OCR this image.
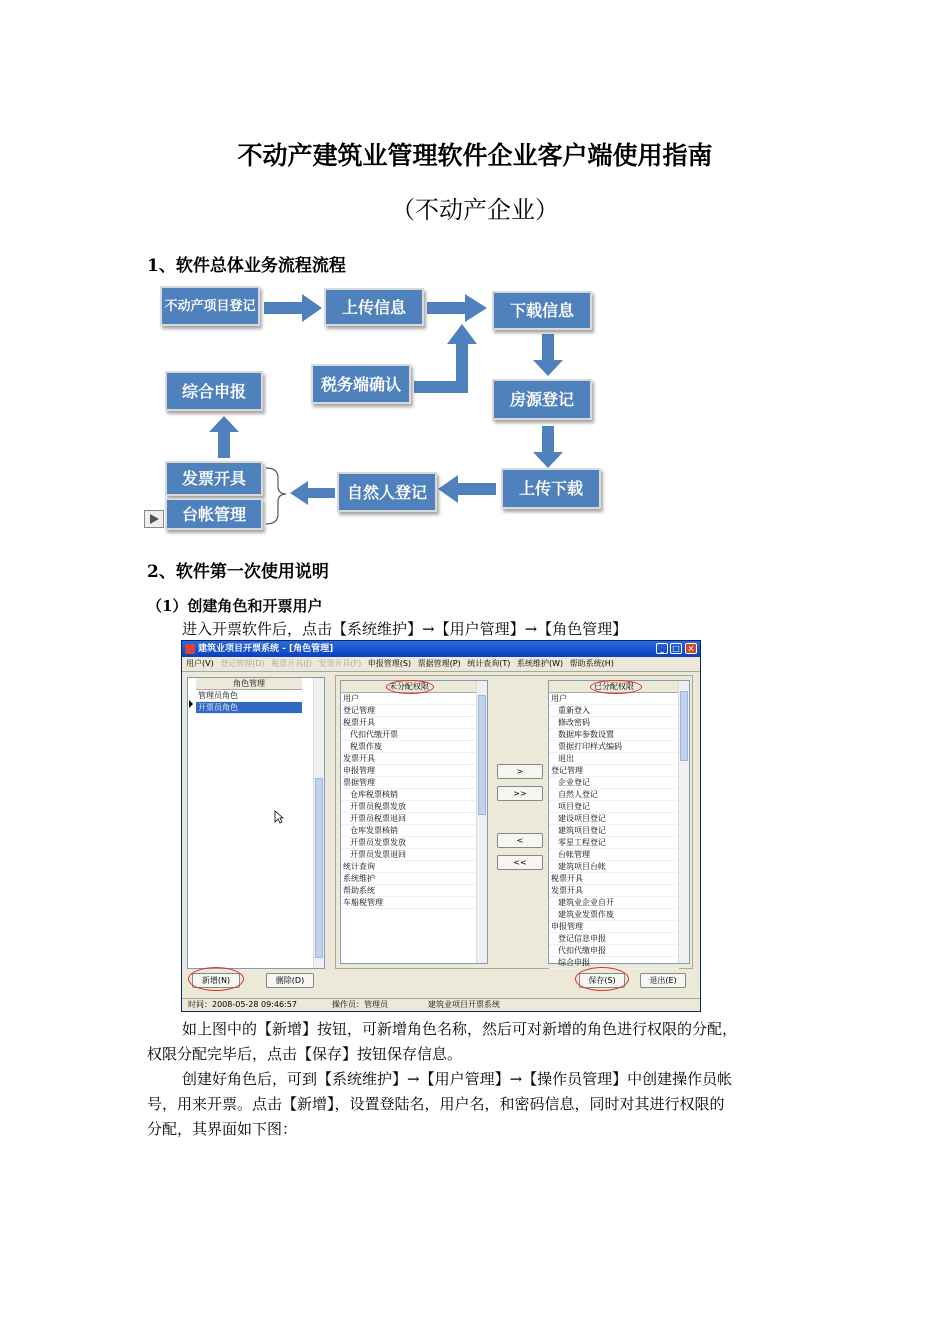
不动产建筑业管理软件企业客户端使用指南
（不动产企业）
1、软件总体业务流程流程
不动产项目登记	上传信息	下载信息
税务端确认
房源登记
综合申报
上传下载
自然人登记
发票开具
台帐管理
2、软件第一次使用说明
（1）创建角色和开票用户
进入开票软件后，点击【系统维护】→【用户管理】→【角色管理】
建筑业项目开票系统 - [角色管理]	_	□ ×
用户(V) 登记管理(D) 税票开具(J) 发票开具(F) 申报管理(S) 票据管理(P) 统计查询(T) 系统维护(W) 帮助系统(H)
角色管理
管理员角色
开票员角色
新增(N)	删除(D)
未分配权限
用户
登记管理
税票开具
代扣代缴开票
税票作废
发票开具
申报管理
票据管理
仓库税票核销
开票员税票发放
开票员税票退回
仓库发票核销
开票员发票发放
开票员发票退回
统计查询
系统维护
帮助系统
车船税管理
>
>>
<
<<
已分配权限
用户
重新登入
修改密码
数据库参数设置
票据打印样式编码
退出
登记管理
企业登记
自然人登记
项目登记
建设项目登记
建筑项目登记
零星工程登记
台帐管理
建筑项目台帐
税票开具
发票开具
建筑业企业自开
建筑业发票作废
申报管理
登记信息申报
代扣代缴申报
综合申报
保存(S)	退出(E)
时间：2008-05-28 09:46:57	操作员：管理员	建筑业项目开票系统
如上图中的【新增】按钮，可新增角色名称，然后可对新增的角色进行权限的分配，
权限分配完毕后，点击【保存】按钮保存信息。
创建好角色后，可到【系统维护】→【用户管理】→【操作员管理】中创建操作员帐
号，用来开票。点击【新增】，设置登陆名，用户名，和密码信息，同时对其进行权限的
分配，其界面如下图：
